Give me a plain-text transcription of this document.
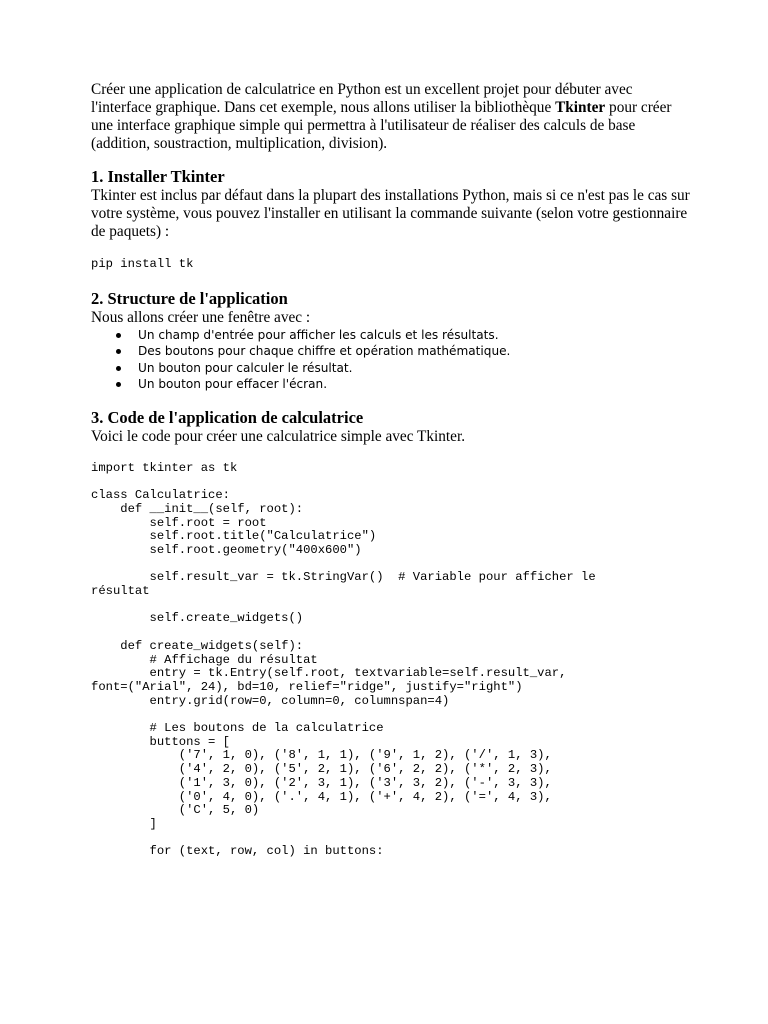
Créer une application de calculatrice en Python est un excellent projet pour débuter avec l'interface graphique. Dans cet exemple, nous allons utiliser la bibliothèque Tkinter pour créer une interface graphique simple qui permettra à l'utilisateur de réaliser des calculs de base (addition, soustraction, multiplication, division).

1. Installer Tkinter

Tkinter est inclus par défaut dans la plupart des installations Python, mais si ce n'est pas le cas sur votre système, vous pouvez l'installer en utilisant la commande suivante (selon votre gestionnaire de paquets) :

pip install tk
2. Structure de l'application

Nous allons créer une fenêtre avec :

Un champ d'entrée pour afficher les calculs et les résultats.
Des boutons pour chaque chiffre et opération mathématique.
Un bouton pour calculer le résultat.
Un bouton pour effacer l'écran.
3. Code de l'application de calculatrice

Voici le code pour créer une calculatrice simple avec Tkinter.

import tkinter as tk

class Calculatrice:
def __init__(self, root):
self.root = root
self.root.title("Calculatrice")
self.root.geometry("400x600")

self.result_var = tk.StringVar()  # Variable pour afficher le
résultat

self.create_widgets()

def create_widgets(self):
# Affichage du résultat
entry = tk.Entry(self.root, textvariable=self.result_var,
font=("Arial", 24), bd=10, relief="ridge", justify="right")
entry.grid(row=0, column=0, columnspan=4)

# Les boutons de la calculatrice
buttons = [
('7', 1, 0), ('8', 1, 1), ('9', 1, 2), ('/', 1, 3),
('4', 2, 0), ('5', 2, 1), ('6', 2, 2), ('*', 2, 3),
('1', 3, 0), ('2', 3, 1), ('3', 3, 2), ('-', 3, 3),
('0', 4, 0), ('.', 4, 1), ('+', 4, 2), ('=', 4, 3),
('C', 5, 0)
]

for (text, row, col) in buttons:
